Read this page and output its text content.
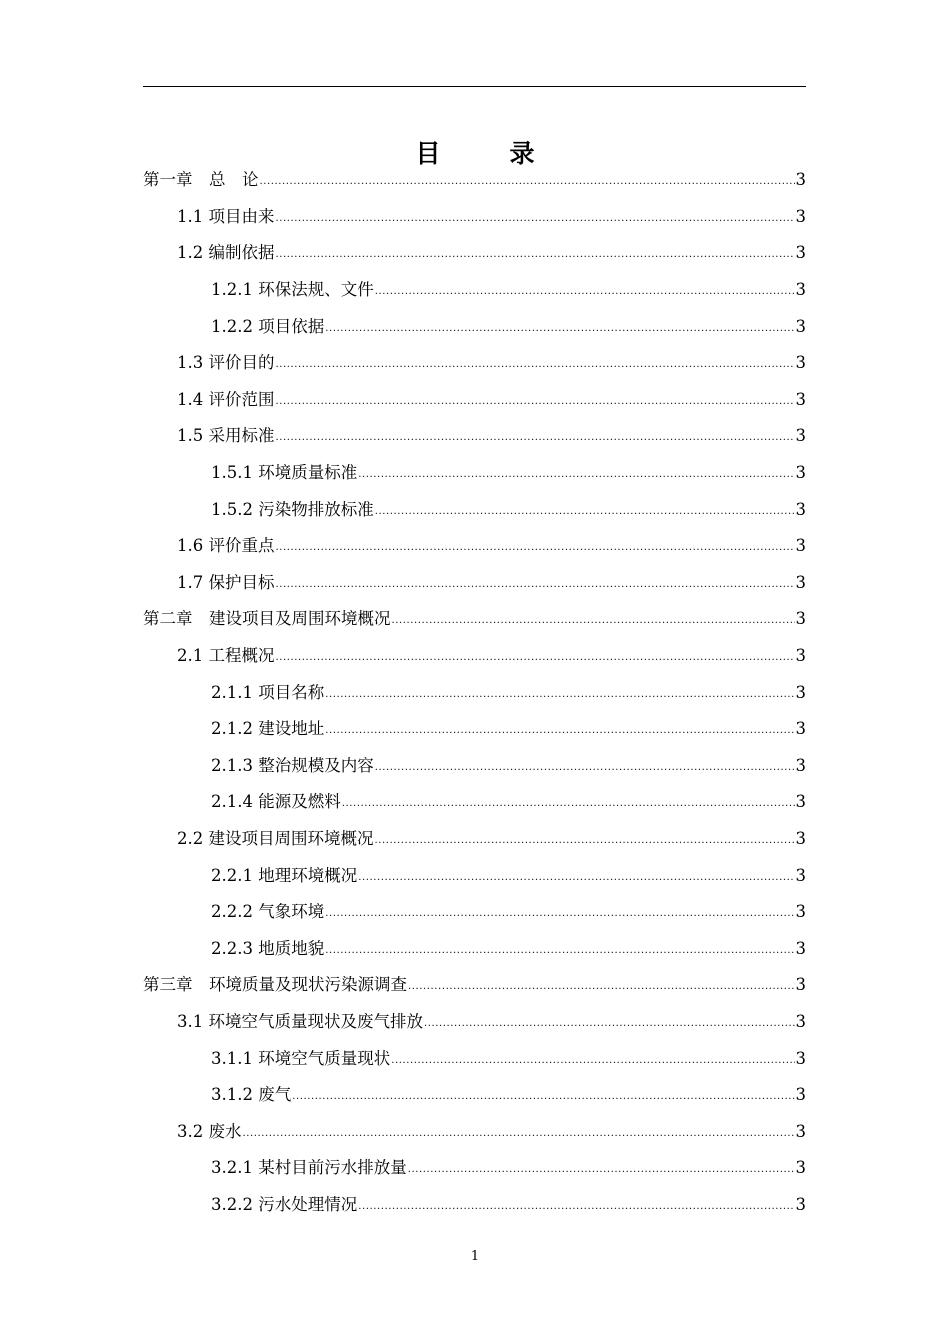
目　录
第一章　总　论 . . .	3
1.1 项目由来 . . .	3
1.2 编制依据 . . .	3
1.2.1 环保法规、文件 . . .	3
1.2.2 项目依据 . . .	3
1.3 评价目的 . . .	3
1.4 评价范围 . . .	3
1.5 采用标准 . . .	3
1.5.1 环境质量标准 . . .	3
1.5.2 污染物排放标准 . . .	3
1.6 评价重点 . . .	3
1.7 保护目标 . . .	3
第二章　建设项目及周围环境概况 . . .	3
2.1 工程概况 . . .	3
2.1.1 项目名称 . . .	3
2.1.2 建设地址 . . .	3
2.1.3 整治规模及内容 . . .	3
2.1.4 能源及燃料 . . .	3
2.2 建设项目周围环境概况 . . .	3
2.2.1 地理环境概况 . . .	3
2.2.2 气象环境 . . .	3
2.2.3 地质地貌 . . .	3
第三章　环境质量及现状污染源调查 . . .	3
3.1 环境空气质量现状及废气排放 . . .	3
3.1.1 环境空气质量现状 . . .	3
3.1.2 废气 . . .	3
3.2 废水 . . .	3
3.2.1 某村目前污水排放量 . . .	3
3.2.2 污水处理情况 . . .	3
1
